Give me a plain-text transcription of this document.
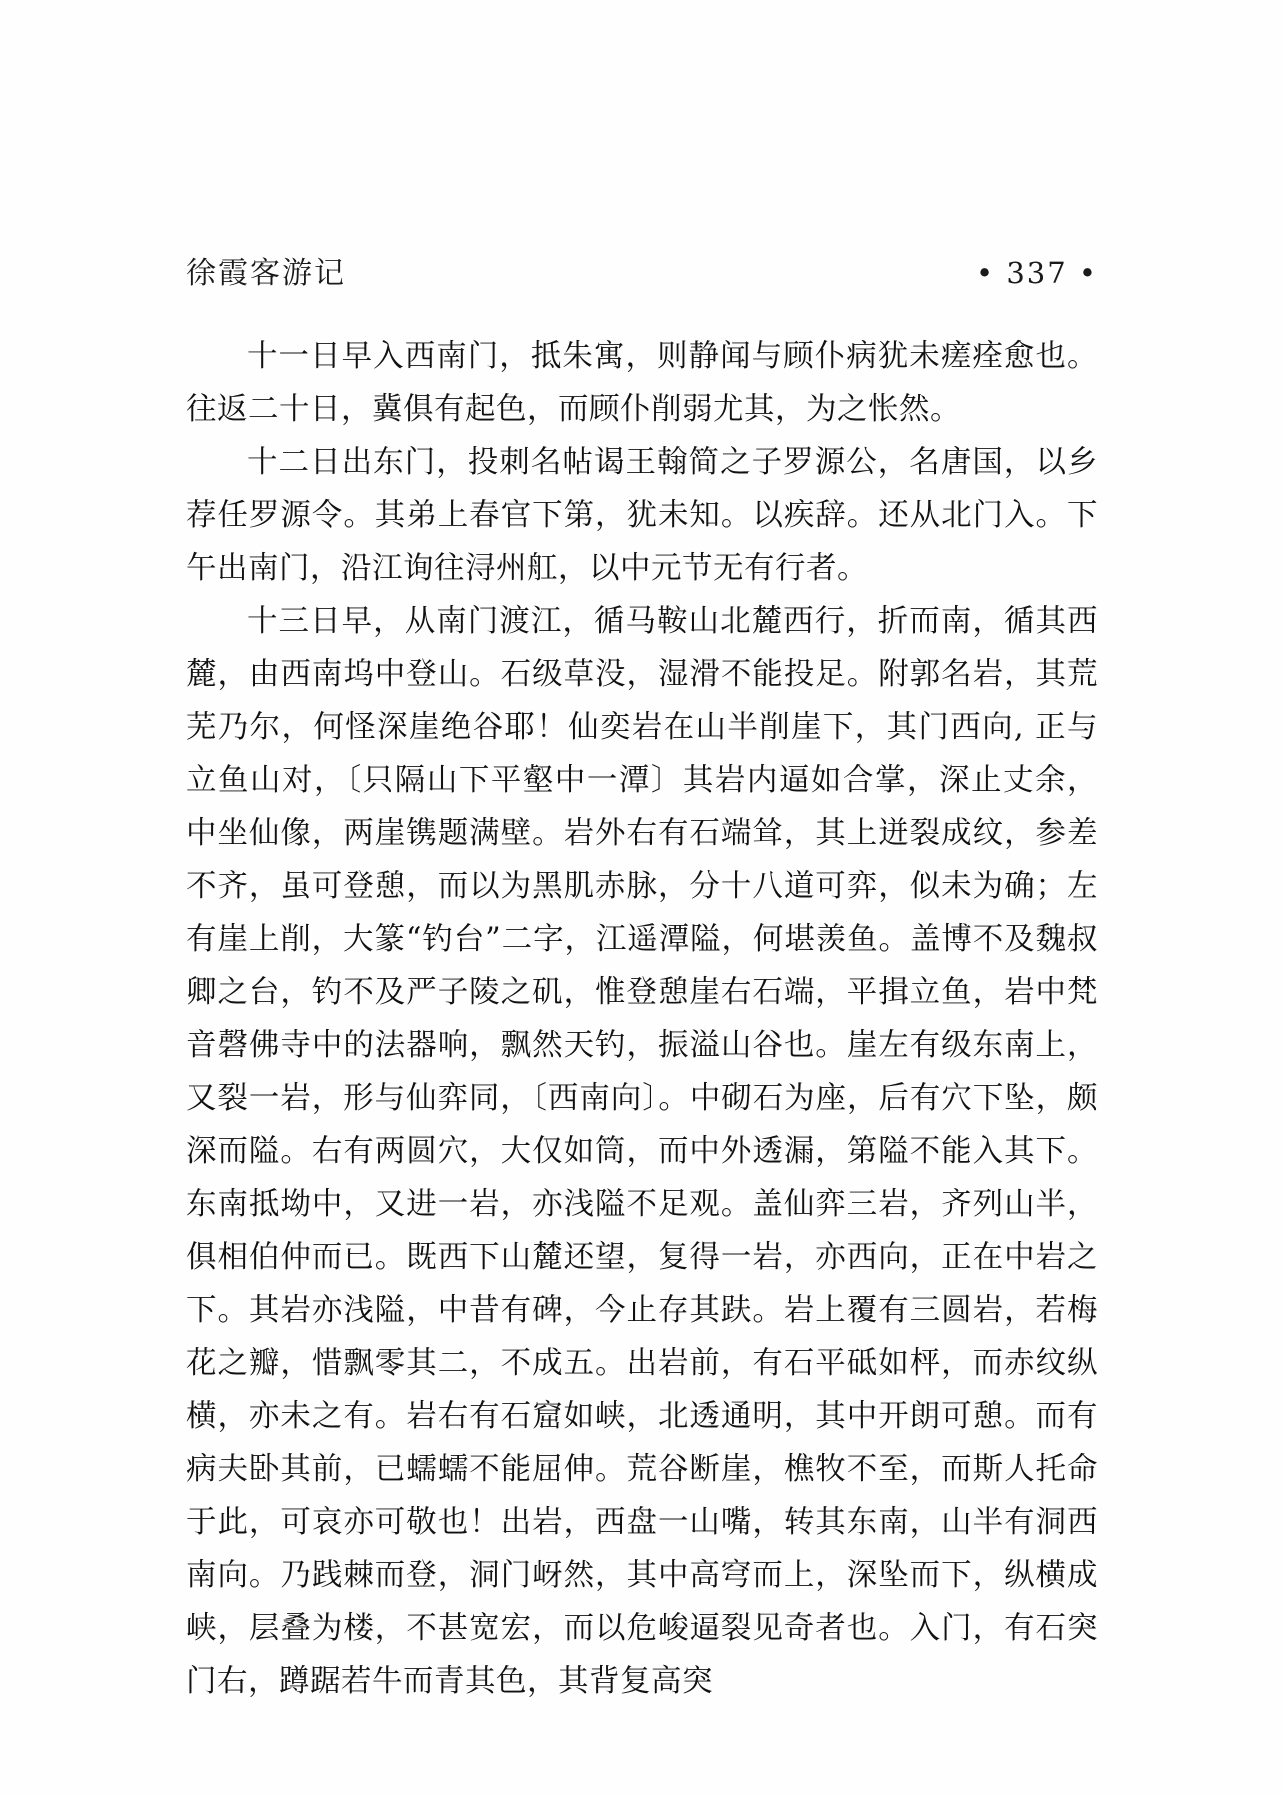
徐霞客游记	• 337 •

十一日早入西南门，抵朱寓，则静闻与顾仆病犹未瘥痊愈也。往返二十日，冀俱有起色，而顾仆削弱尤其，为之怅然。

十二日出东门，投刺名帖谒王翰简之子罗源公，名唐国，以乡荐任罗源令。其弟上春官下第，犹未知。以疾辞。还从北门入。下午出南门，沿江询往浔州舡，以中元节无有行者。

十三日早，从南门渡江，循马鞍山北麓西行，折而南，循其西麓，由西南坞中登山。石级草没，湿滑不能投足。附郭名岩，其荒芜乃尔，何怪深崖绝谷耶！仙奕岩在山半削崖下，其门西向, 正与立鱼山对，〔只隔山下平壑中一潭〕其岩内逼如合掌，深止丈余，中坐仙像，两崖镌题满壁。岩外右有石端耸，其上迸裂成纹，参差不齐，虽可登憩，而以为黑肌赤脉，分十八道可弈，似未为确；左有崖上削，大篆“钓台”二字，江遥潭隘，何堪羡鱼。盖博不及魏叔卿之台，钓不及严子陵之矶，惟登憩崖右石端，平揖立鱼，岩中梵音磬佛寺中的法器响，飘然天钓，振溢山谷也。崖左有级东南上，又裂一岩，形与仙弈同，〔西南向〕。中砌石为座，后有穴下坠，颇深而隘。右有两圆穴，大仅如筒，而中外透漏，第隘不能入其下。东南抵坳中，又进一岩，亦浅隘不足观。盖仙弈三岩，齐列山半，俱相伯仲而已。既西下山麓还望，复得一岩，亦西向，正在中岩之下。其岩亦浅隘，中昔有碑，今止存其趺。岩上覆有三圆岩，若梅花之瓣，惜飘零其二，不成五。出岩前，有石平砥如枰，而赤纹纵横，亦未之有。岩右有石窟如峡，北透通明，其中开朗可憩。而有病夫卧其前，已蠕蠕不能屈伸。荒谷断崖，樵牧不至，而斯人托命于此，可哀亦可敬也！出岩，西盘一山嘴，转其东南，山半有洞西南向。乃践棘而登，洞门岈然，其中高穹而上，深坠而下，纵横成峡，层叠为楼，不甚宽宏，而以危峻逼裂见奇者也。入门，有石突门右，蹲踞若牛而青其色，其背复高突
